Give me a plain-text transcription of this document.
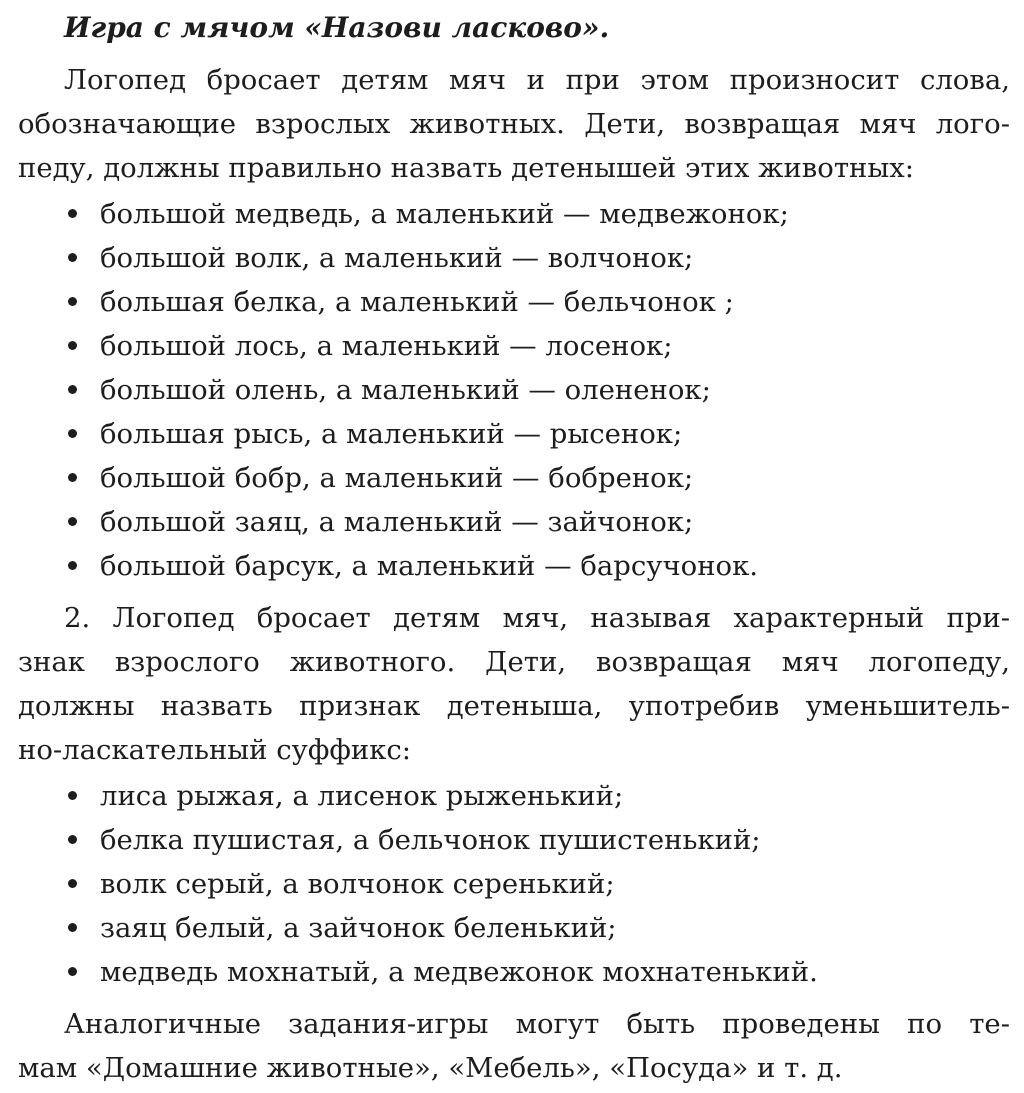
Игра с мячом «Назови ласково».

Логопед бросает детям мяч и при этом произносит слова,
обозначающие взрослых животных. Дети, возвращая мяч лого-
педу, должны правильно назвать детенышей этих животных:

большой медведь, а маленький — медвежонок;
большой волк, а маленький — волчонок;
большая белка, а маленький — бельчонок ;
большой лось, а маленький — лосенок;
большой олень, а маленький — олененок;
большая рысь, а маленький — рысенок;
большой бобр, а маленький — бобренок;
большой заяц, а маленький — зайчонок;
большой барсук, а маленький — барсучонок.

2. Логопед бросает детям мяч, называя характерный при-
знак взрослого животного. Дети, возвращая мяч логопеду,
должны назвать признак детеныша, употребив уменьшитель-
но-ласкательный суффикс:

лиса рыжая, а лисенок рыженький;
белка пушистая, а бельчонок пушистенький;
волк серый, а волчонок серенький;
заяц белый, а зайчонок беленький;
медведь мохнатый, а медвежонок мохнатенький.

Аналогичные задания-игры могут быть проведены по те-
мам «Домашние животные», «Мебель», «Посуда» и т. д.
